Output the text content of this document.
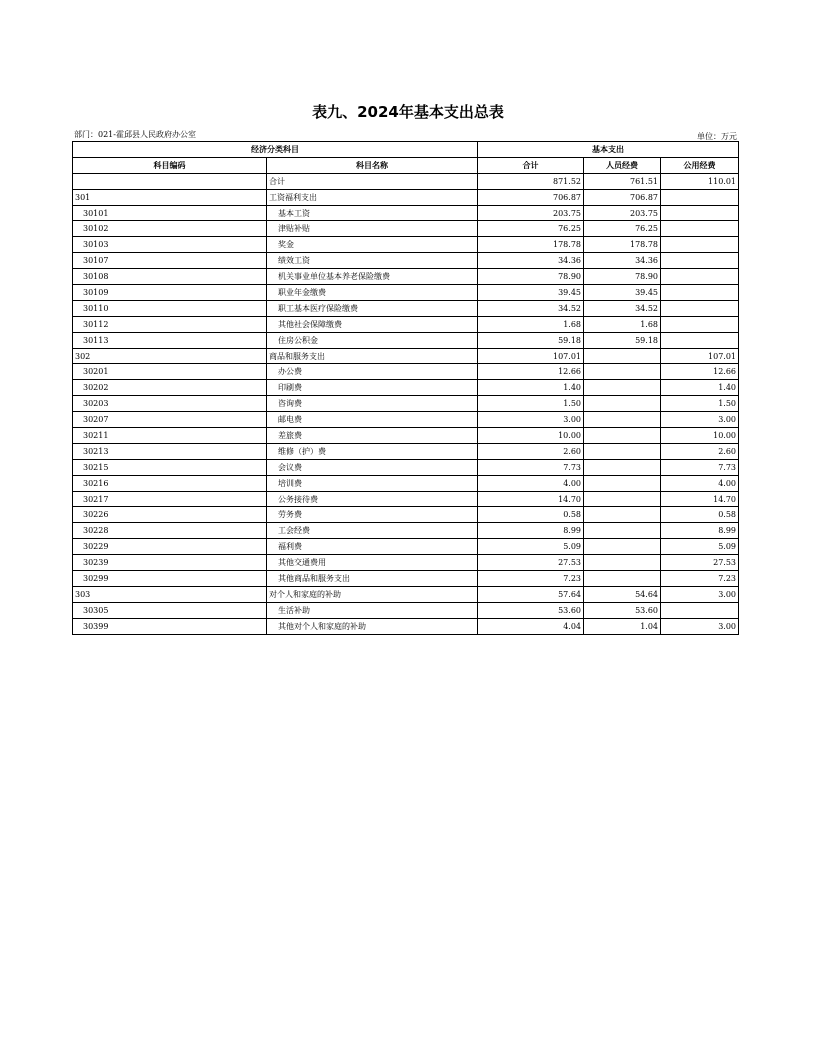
表九、2024年基本支出总表
部门：021-霍邱县人民政府办公室	单位：万元
经济分类科目		基本支出		
科目编码	科目名称	合计	人员经费	公用经费
	合计	871.52	761.51	110.01
301	工资福利支出	706.87	706.87	
30101	基本工资	203.75	203.75	
30102	津贴补贴	76.25	76.25	
30103	奖金	178.78	178.78	
30107	绩效工资	34.36	34.36	
30108	机关事业单位基本养老保险缴费	78.90	78.90	
30109	职业年金缴费	39.45	39.45	
30110	职工基本医疗保险缴费	34.52	34.52	
30112	其他社会保障缴费	1.68	1.68	
30113	住房公积金	59.18	59.18	
302	商品和服务支出	107.01		107.01
30201	办公费	12.66		12.66
30202	印刷费	1.40		1.40
30203	咨询费	1.50		1.50
30207	邮电费	3.00		3.00
30211	差旅费	10.00		10.00
30213	维修（护）费	2.60		2.60
30215	会议费	7.73		7.73
30216	培训费	4.00		4.00
30217	公务接待费	14.70		14.70
30226	劳务费	0.58		0.58
30228	工会经费	8.99		8.99
30229	福利费	5.09		5.09
30239	其他交通费用	27.53		27.53
30299	其他商品和服务支出	7.23		7.23
303	对个人和家庭的补助	57.64	54.64	3.00
30305	生活补助	53.60	53.60	
30399	其他对个人和家庭的补助	4.04	1.04	3.00
